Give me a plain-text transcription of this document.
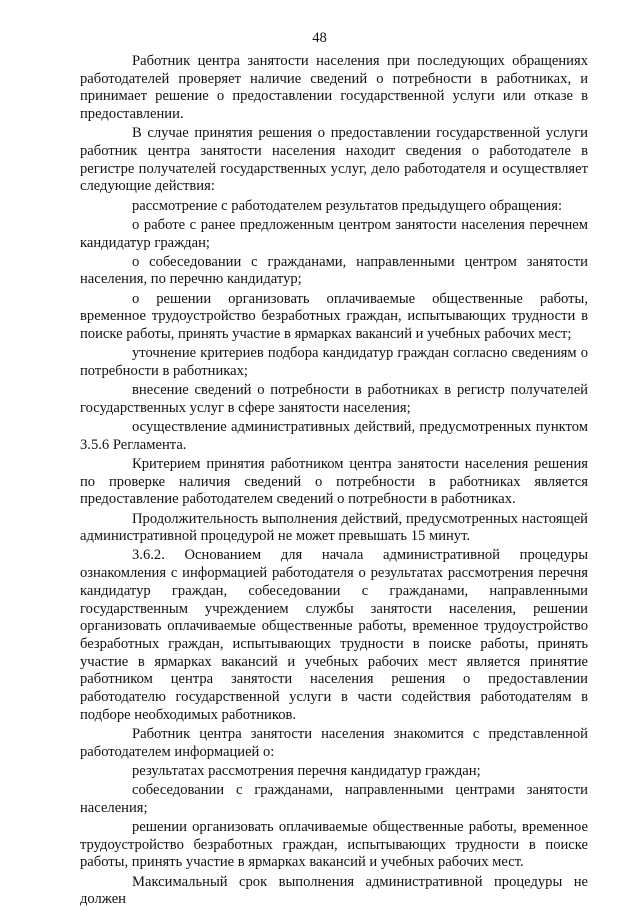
48

Работник центра занятости населения при последующих обращениях работодателей проверяет наличие сведений о потребности в работниках, и принимает решение о предоставлении государственной услуги или отказе в предоставлении.

В случае принятия решения о предоставлении государственной услуги работник центра занятости населения находит сведения о работодателе в регистре получателей государственных услуг, дело работодателя и осуществляет следующие действия:

рассмотрение с работодателем результатов предыдущего обращения:

о работе с ранее предложенным центром занятости населения перечнем кандидатур граждан;

о собеседовании с гражданами, направленными центром занятости населения, по перечню кандидатур;

о решении организовать оплачиваемые общественные работы, временное трудоустройство безработных граждан, испытывающих трудности в поиске работы, принять участие в ярмарках вакансий и учебных рабочих мест;

уточнение критериев подбора кандидатур граждан согласно сведениям о потребности в работниках;

внесение сведений о потребности в работниках в регистр получателей государственных услуг в сфере занятости населения;

осуществление административных действий, предусмотренных пунктом 3.5.6 Регламента.

Критерием принятия работником центра занятости населения решения по проверке наличия сведений о потребности в работниках является предоставление работодателем сведений о потребности в работниках.

Продолжительность выполнения действий, предусмотренных настоящей административной процедурой не может превышать 15 минут.

3.6.2. Основанием для начала административной процедуры ознакомления с информацией работодателя о результатах рассмотрения перечня кандидатур граждан, собеседовании с гражданами, направленными государственным учреждением службы занятости населения, решении организовать оплачиваемые общественные работы, временное трудоустройство безработных граждан, испытывающих трудности в поиске работы, принять участие в ярмарках вакансий и учебных рабочих мест является принятие работником центра занятости населения решения о предоставлении работодателю государственной услуги в части содействия работодателям в подборе необходимых работников.

Работник центра занятости населения знакомится с представленной работодателем информацией о:

результатах рассмотрения перечня кандидатур граждан;

собеседовании с гражданами, направленными центрами занятости населения;

решении организовать оплачиваемые общественные работы, временное трудоустройство безработных граждан, испытывающих трудности в поиске работы, принять участие в ярмарках вакансий и учебных рабочих мест.

Максимальный срок выполнения административной процедуры не должен
